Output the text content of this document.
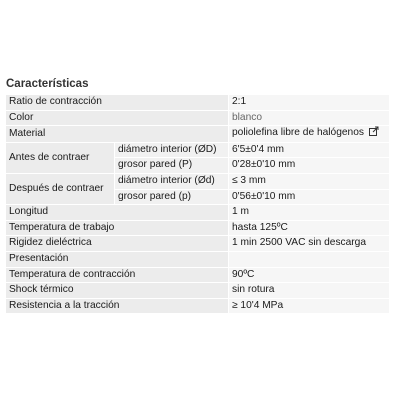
Características
Ratio de contracción		2:1
Color		blanco
Material		poliolefina libre de halógenos
Antes de contraer	diámetro interior (ØD)	6'5±0'4 mm
	grosor pared (P)	0'28±0'10 mm
Después de contraer	diámetro interior (Ød)	≤ 3 mm
	grosor pared (p)	0'56±0'10 mm
Longitud		1 m
Temperatura de trabajo		hasta 125ºC
Rigidez dieléctrica		1 min 2500 VAC sin descarga
Presentación		
Temperatura de contracción		90ºC
Shock térmico		sin rotura
Resistencia a la tracción		≥ 10'4 MPa
